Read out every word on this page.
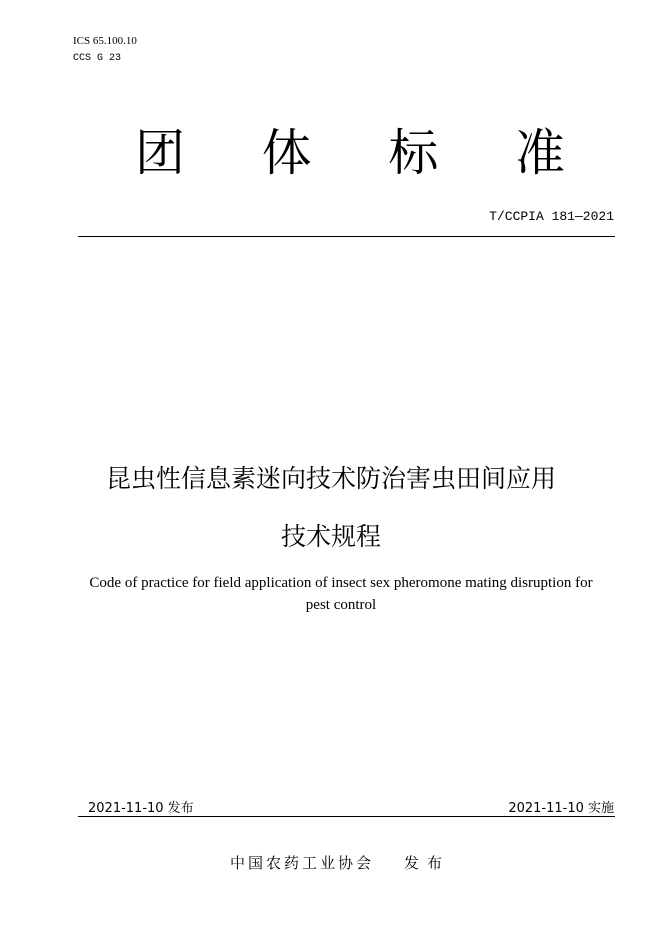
ICS 65.100.10
CCS G 23
团 体 标 准
T/CCPIA 181—2021
昆虫性信息素迷向技术防治害虫田间应用
技术规程
Code of practice for field application of insect sex pheromone mating disruption for
pest control
2021-11-10 发布	2021-11-10 实施
中国农药工业协会 发布
